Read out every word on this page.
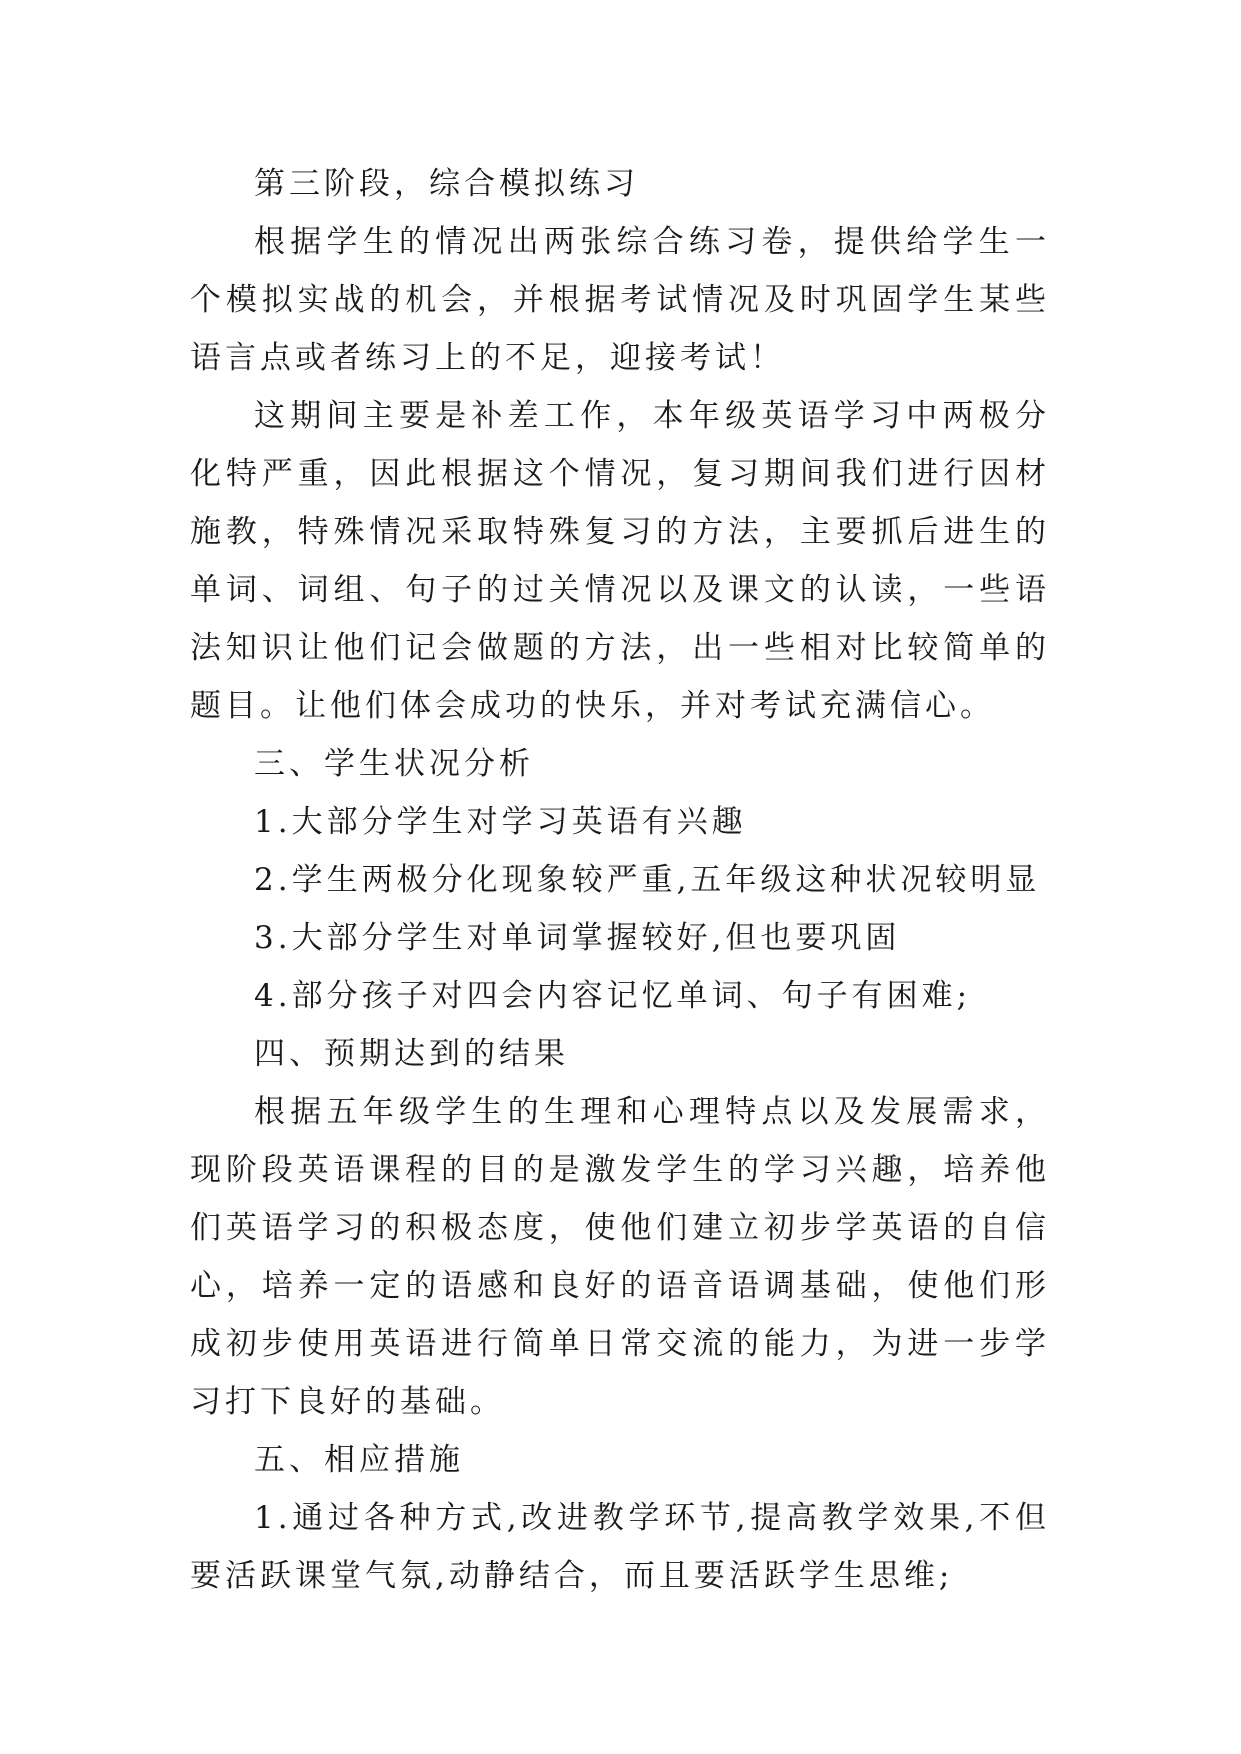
第三阶段，综合模拟练习

根据学生的情况出两张综合练习卷，提供给学生一个模拟实战的机会，并根据考试情况及时巩固学生某些语言点或者练习上的不足，迎接考试！

这期间主要是补差工作，本年级英语学习中两极分化特严重，因此根据这个情况，复习期间我们进行因材施教，特殊情况采取特殊复习的方法，主要抓后进生的单词、词组、句子的过关情况以及课文的认读，一些语法知识让他们记会做题的方法，出一些相对比较简单的题目。让他们体会成功的快乐，并对考试充满信心。

三、学生状况分析

1.大部分学生对学习英语有兴趣

2.学生两极分化现象较严重,五年级这种状况较明显

3.大部分学生对单词掌握较好,但也要巩固

4.部分孩子对四会内容记忆单词、句子有困难;

四、预期达到的结果

根据五年级学生的生理和心理特点以及发展需求，现阶段英语课程的目的是激发学生的学习兴趣，培养他们英语学习的积极态度，使他们建立初步学英语的自信心，培养一定的语感和良好的语音语调基础，使他们形成初步使用英语进行简单日常交流的能力，为进一步学习打下良好的基础。

五、相应措施

1.通过各种方式,改进教学环节,提高教学效果,不但要活跃课堂气氛,动静结合，而且要活跃学生思维;
